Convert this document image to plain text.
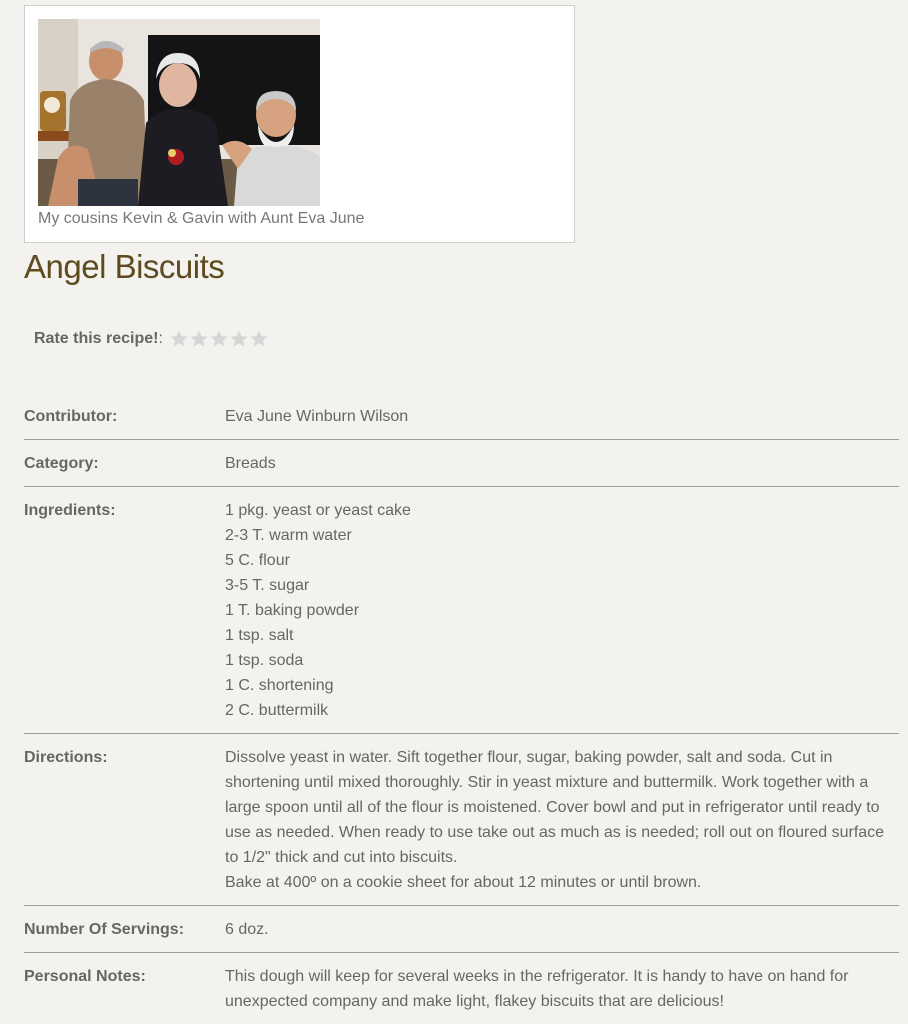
My cousins Kevin & Gavin with Aunt Eva June
Angel Biscuits
Rate this recipe! :
Contributor:	Eva June Winburn Wilson
Category:	Breads
Ingredients:	1 pkg. yeast or yeast cake
2-3 T. warm water
5 C. flour
3-5 T. sugar
1 T. baking powder
1 tsp. salt
1 tsp. soda
1 C. shortening
2 C. buttermilk
Directions:	Dissolve yeast in water. Sift together flour, sugar, baking powder, salt and soda. Cut in shortening until mixed thoroughly. Stir in yeast mixture and buttermilk. Work together with a large spoon until all of the flour is moistened. Cover bowl and put in refrigerator until ready to use as needed. When ready to use take out as much as is needed; roll out on floured surface to 1/2" thick and cut into biscuits.

Bake at 400º on a cookie sheet for about 12 minutes or until brown.

Number Of Servings:	6 doz.
Personal Notes:	This dough will keep for several weeks in the refrigerator. It is handy to have on hand for unexpected company and make light, flakey biscuits that are delicious!
